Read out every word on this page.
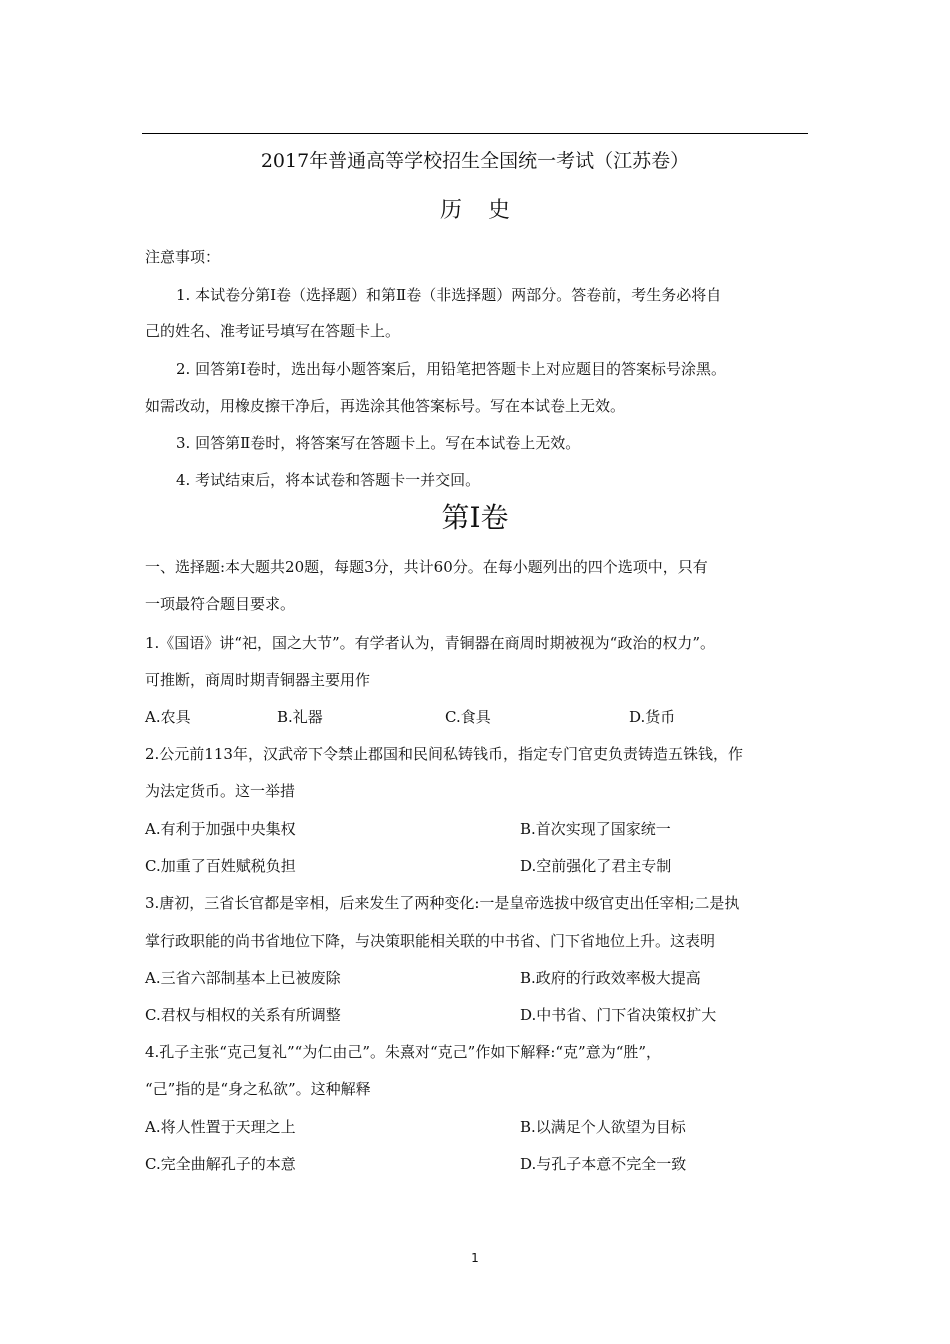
2017年普通高等学校招生全国统一考试（江苏卷）
历史
注意事项：
1. 本试卷分第Ⅰ卷（选择题）和第Ⅱ卷（非选择题）两部分。答卷前，考生务必将自
己的姓名、准考证号填写在答题卡上。
2. 回答第Ⅰ卷时，选出每小题答案后，用铅笔把答题卡上对应题目的答案标号涂黑。
如需改动，用橡皮擦干净后，再选涂其他答案标号。写在本试卷上无效。
3. 回答第Ⅱ卷时，将答案写在答题卡上。写在本试卷上无效。
4. 考试结束后，将本试卷和答题卡一并交回。
第Ⅰ卷
一、选择题:本大题共20题，每题3分，共计60分。在每小题列出的四个选项中，只有
一项最符合题目要求。
1.《国语》讲“祀，国之大节”。有学者认为，青铜器在商周时期被视为“政治的权力”。
可推断，商周时期青铜器主要用作
A.农具	B.礼器	C.食具	D.货币
2.公元前113年，汉武帝下令禁止郡国和民间私铸钱币，指定专门官吏负责铸造五铢钱，作
为法定货币。这一举措
A.有利于加强中央集权	B.首次实现了国家统一
C.加重了百姓赋税负担	D.空前强化了君主专制
3.唐初，三省长官都是宰相，后来发生了两种变化:一是皇帝选拔中级官吏出任宰相;二是执
掌行政职能的尚书省地位下降，与决策职能相关联的中书省、门下省地位上升。这表明
A.三省六部制基本上已被废除	B.政府的行政效率极大提高
C.君权与相权的关系有所调整	D.中书省、门下省决策权扩大
4.孔子主张“克己复礼”“为仁由己”。朱熹对“克己”作如下解释:“克”意为“胜”，
“己”指的是“身之私欲”。这种解释
A.将人性置于天理之上	B.以满足个人欲望为目标
C.完全曲解孔子的本意	D.与孔子本意不完全一致
1
